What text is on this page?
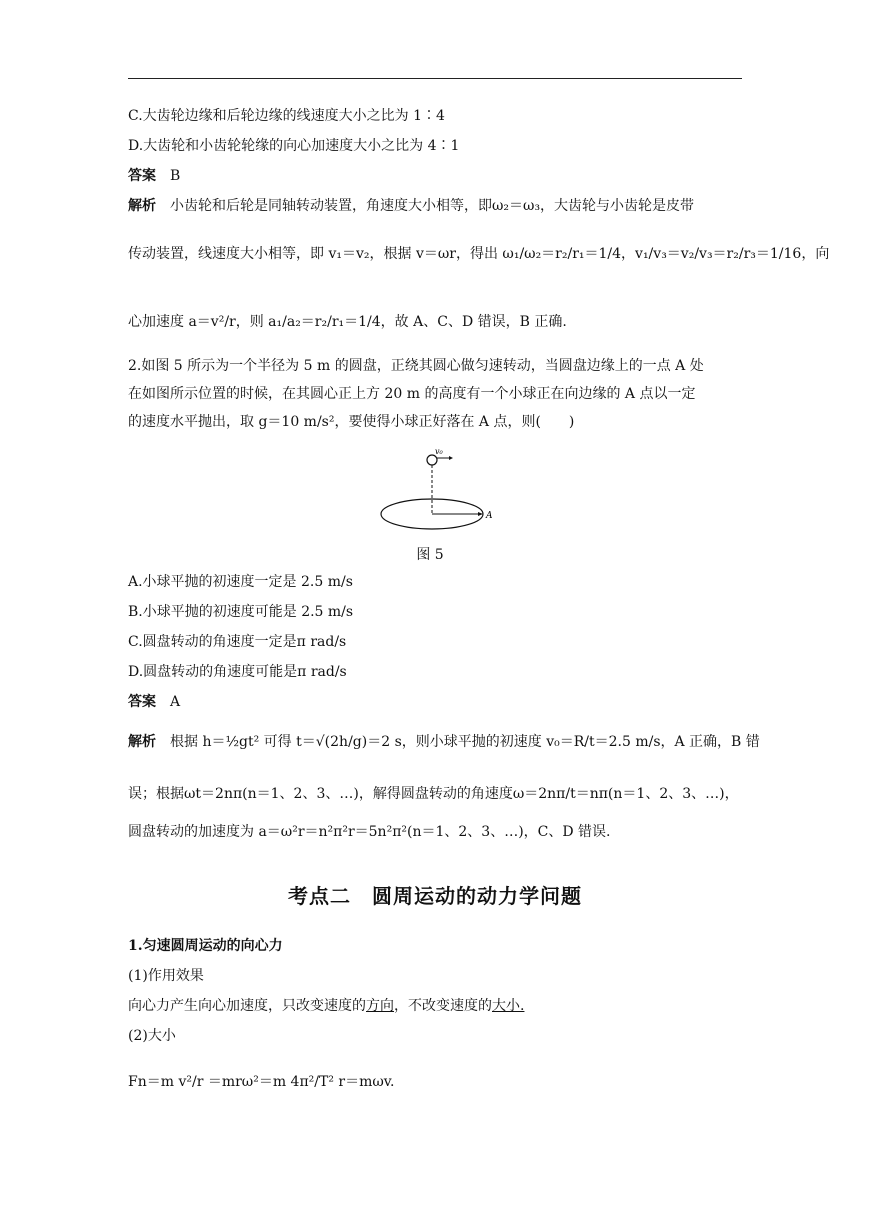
C.大齿轮边缘和后轮边缘的线速度大小之比为 1∶4
D.大齿轮和小齿轮轮缘的向心加速度大小之比为 4∶1
答案 B
解析 小齿轮和后轮是同轴转动装置，角速度大小相等，即ω₂＝ω₃，大齿轮与小齿轮是皮带
传动装置，线速度大小相等，即 v₁＝v₂，根据 v＝ωr，得出 ω₁/ω₂＝r₂/r₁＝1/4，v₁/v₃＝v₂/v₃＝r₂/r₃＝1/16，向
心加速度 a＝v²/r，则 a₁/a₂＝r₂/r₁＝1/4，故 A、C、D 错误，B 正确.
2.如图 5 所示为一个半径为 5 m 的圆盘，正绕其圆心做匀速转动，当圆盘边缘上的一点 A 处
在如图所示位置的时候，在其圆心正上方 20 m 的高度有一个小球正在向边缘的 A 点以一定
的速度水平抛出，取 g＝10 m/s²，要使得小球正好落在 A 点，则(　　)
v₀
A
图 5
A.小球平抛的初速度一定是 2.5 m/s
B.小球平抛的初速度可能是 2.5 m/s
C.圆盘转动的角速度一定是π rad/s
D.圆盘转动的角速度可能是π rad/s
答案 A
解析 根据 h＝½gt² 可得 t＝√(2h/g)＝2 s，则小球平抛的初速度 v₀＝R/t＝2.5 m/s，A 正确，B 错
误；根据ωt＝2nπ(n＝1、2、3、…)，解得圆盘转动的角速度ω＝2nπ/t＝nπ(n＝1、2、3、…)，
圆盘转动的加速度为 a＝ω²r＝n²π²r＝5n²π²(n＝1、2、3、…)，C、D 错误.
考点二　圆周运动的动力学问题
1.匀速圆周运动的向心力
(1)作用效果
向心力产生向心加速度，只改变速度的方向，不改变速度的大小.
(2)大小
Fn＝m v²/r ＝mrω²＝m 4π²/T² r＝mωv.
